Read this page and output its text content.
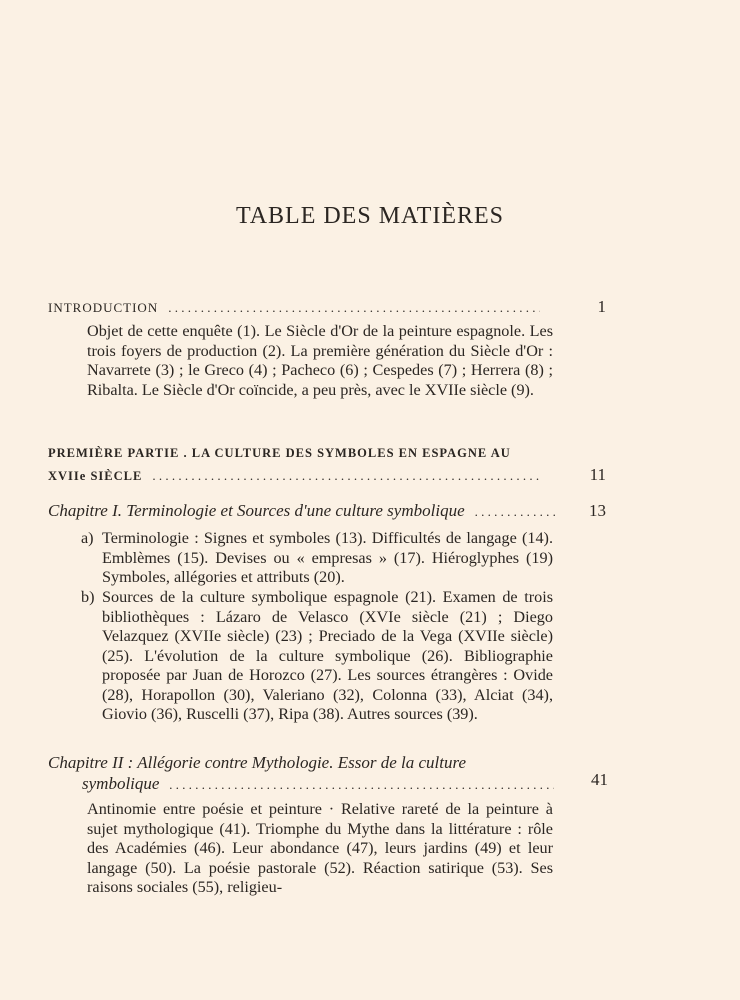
TABLE DES MATIÈRES
INTRODUCTION . . .	1

Objet de cette enquête (1). Le Siècle d'Or de la peinture espagnole. Les trois foyers de production (2). La première génération du Siècle d'Or : Navarrete (3) ; le Greco (4) ; Pacheco (6) ; Cespedes (7) ; Herrera (8) ; Ribalta. Le Siècle d'Or coïncide, a peu près, avec le XVIIe siècle (9).

PREMIÈRE PARTIE . LA CULTURE DES SYMBOLES EN ESPAGNE AU
XVIIe SIÈCLE . . .	11
Chapitre I. Terminologie et Sources d'une culture symbolique . . .	13
a) Terminologie : Signes et symboles (13). Difficultés de langage (14). Emblèmes (15). Devises ou « empresas » (17). Hiéroglyphes (19) Symboles, allégories et attributs (20).

b) Sources de la culture symbolique espagnole (21). Examen de trois bibliothèques : Lázaro de Velasco (XVIe siècle (21) ; Diego Velazquez (XVIIe siècle) (23) ; Preciado de la Vega (XVIIe siècle) (25). L'évolution de la culture symbolique (26). Bibliographie proposée par Juan de Horozco (27). Les sources étrangères : Ovide (28), Horapollon (30), Valeriano (32), Colonna (33), Alciat (34), Giovio (36), Ruscelli (37), Ripa (38). Autres sources (39).

Chapitre II : Allégorie contre Mythologie. Essor de la culture
symbolique . . .	41

Antinomie entre poésie et peinture · Relative rareté de la peinture à sujet mythologique (41). Triomphe du Mythe dans la littérature : rôle des Académies (46). Leur abondance (47), leurs jardins (49) et leur langage (50). La poésie pastorale (52). Réaction satirique (53). Ses raisons sociales (55), religieu-
